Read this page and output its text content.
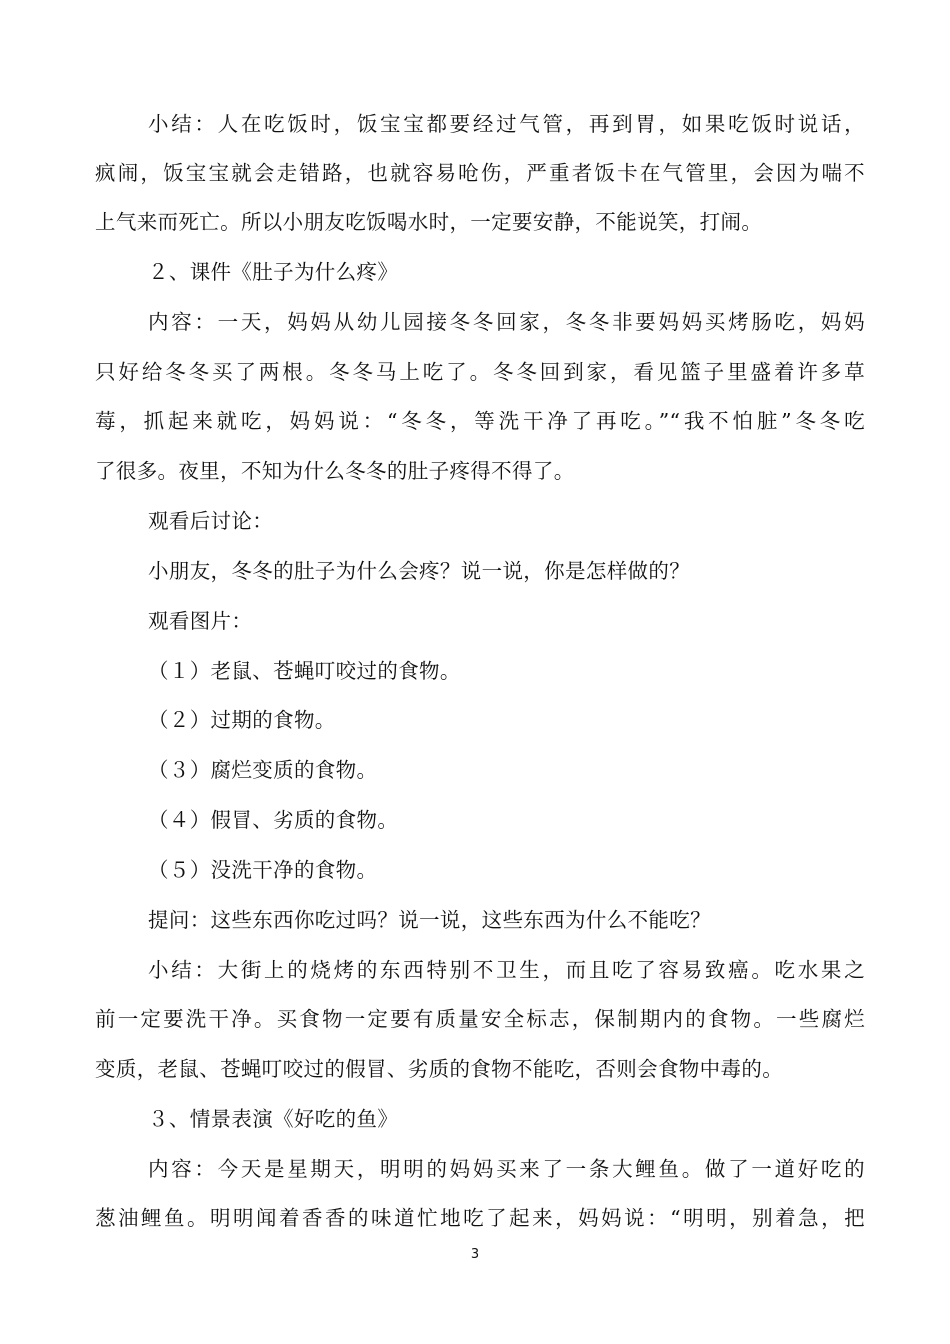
小结：人在吃饭时，饭宝宝都要经过气管，再到胃，如果吃饭时说话，
疯闹，饭宝宝就会走错路，也就容易呛伤，严重者饭卡在气管里，会因为喘不
上气来而死亡。所以小朋友吃饭喝水时，一定要安静，不能说笑，打闹。
２、课件《肚子为什么疼》
内容：一天，妈妈从幼儿园接冬冬回家，冬冬非要妈妈买烤肠吃，妈妈
只好给冬冬买了两根。冬冬马上吃了。冬冬回到家，看见篮子里盛着许多草
莓，抓起来就吃，妈妈说：“冬冬，等洗干净了再吃。”“我不怕脏”冬冬吃
了很多。夜里，不知为什么冬冬的肚子疼得不得了。
观看后讨论：
小朋友，冬冬的肚子为什么会疼？说一说，你是怎样做的？
观看图片：
（１）老鼠、苍蝇叮咬过的食物。
（２）过期的食物。
（３）腐烂变质的食物。
（４）假冒、劣质的食物。
（５）没洗干净的食物。
提问：这些东西你吃过吗？说一说，这些东西为什么不能吃？
小结：大街上的烧烤的东西特别不卫生，而且吃了容易致癌。吃水果之
前一定要洗干净。买食物一定要有质量安全标志，保制期内的食物。一些腐烂
变质，老鼠、苍蝇叮咬过的假冒、劣质的食物不能吃，否则会食物中毒的。
３、情景表演《好吃的鱼》
内容：今天是星期天，明明的妈妈买来了一条大鲤鱼。做了一道好吃的
葱油鲤鱼。明明闻着香香的味道忙地吃了起来，妈妈说：“明明，别着急，把
3
